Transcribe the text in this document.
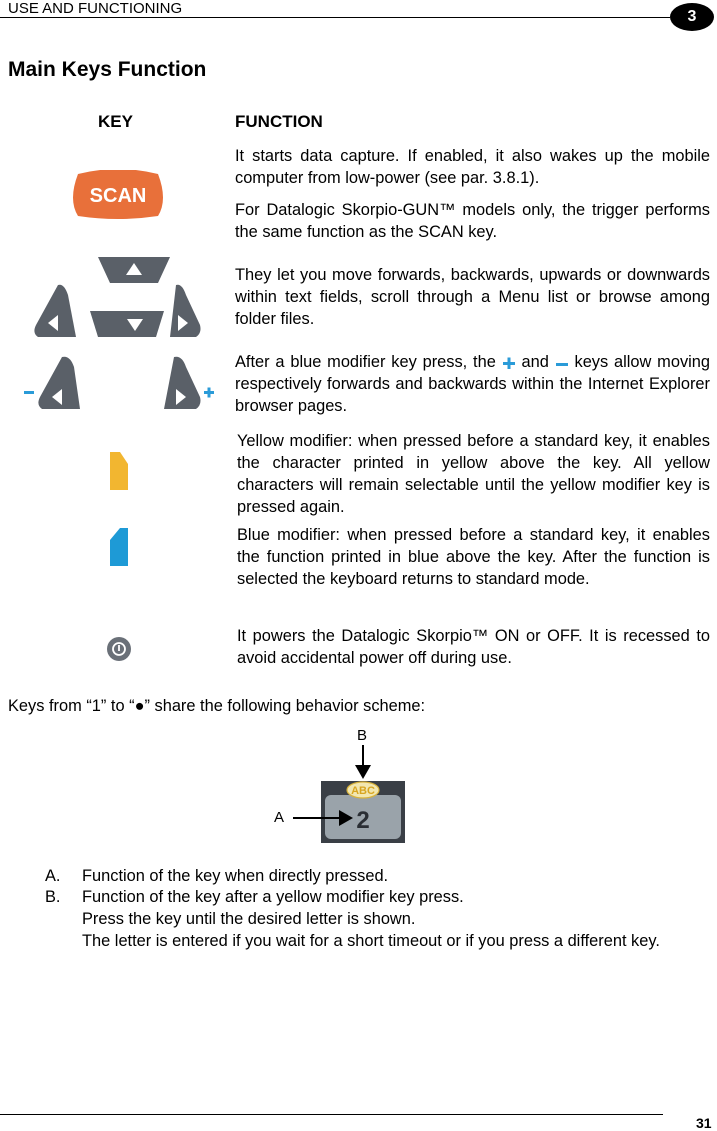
USE AND FUNCTIONING	3
Main Keys Function
KEY	FUNCTION
SCAN
It starts data capture. If enabled, it also wakes up the mobile computer from low-power (see par. 3.8.1).
For Datalogic Skorpio-GUN™ models only, the trigger performs the same function as the SCAN key.
They let you move forwards, backwards, upwards or downwards within text fields, scroll through a Menu list or browse among folder files.
After a blue modifier key press, the and keys allow moving respectively forwards and backwards within the Internet Explorer browser pages.
Yellow modifier: when pressed before a standard key, it enables the character printed in yellow above the key. All yellow characters will remain selectable until the yellow modifier key is pressed again.
Blue modifier: when pressed before a standard key, it enables the function printed in blue above the key. After the function is selected the keyboard returns to standard mode.
It powers the Datalogic Skorpio™ ON or OFF. It is recessed to avoid accidental power off during use.
Keys from “1” to “●” share the following behavior scheme:
B
A
ABC
2
A. Function of the key when directly pressed.
B. Function of the key after a yellow modifier key press.
Press the key until the desired letter is shown.
The letter is entered if you wait for a short timeout or if you press a different key.
31
